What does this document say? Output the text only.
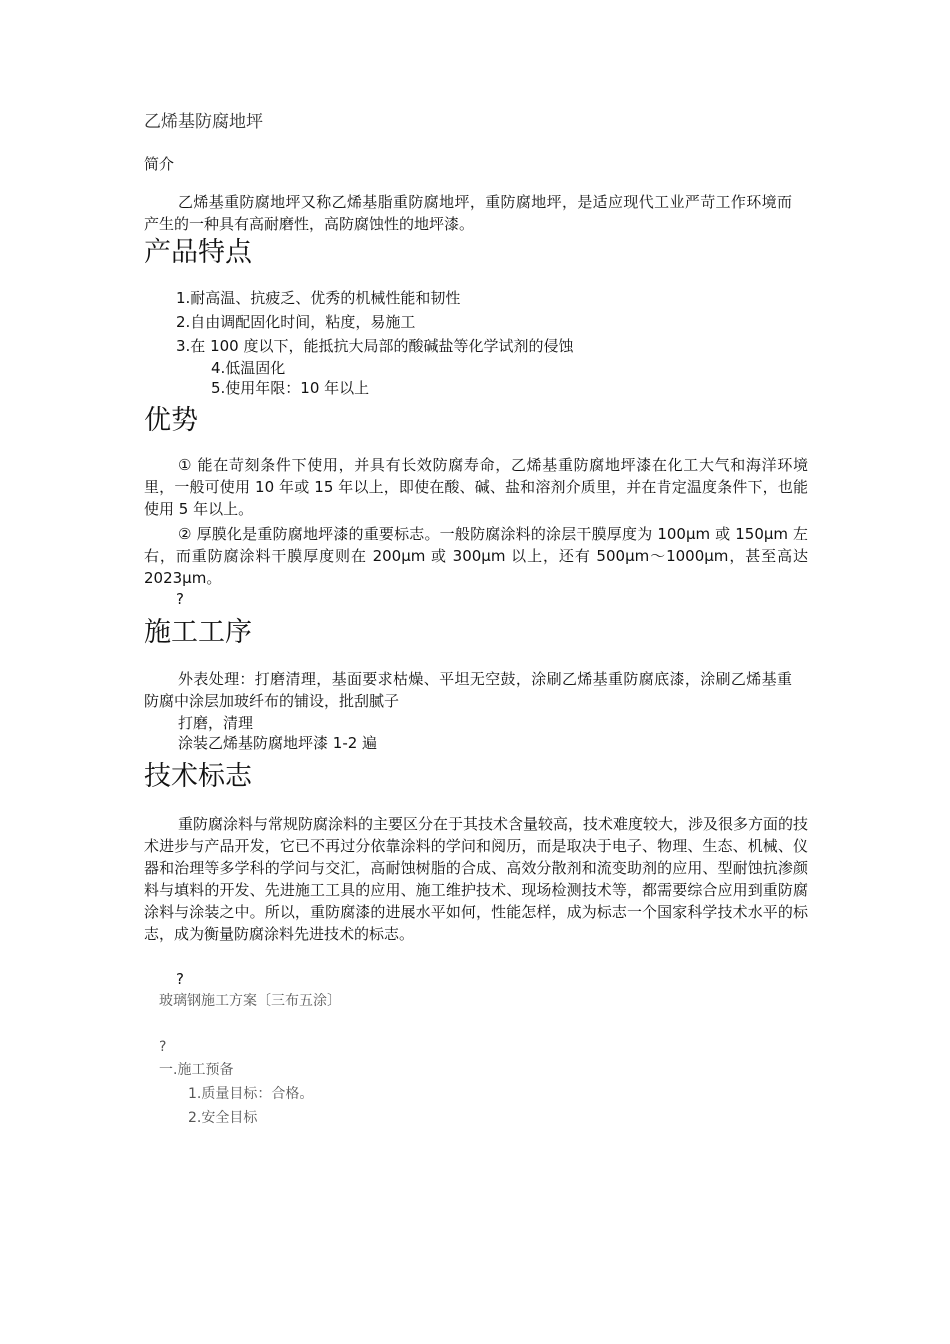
乙烯基防腐地坪
简介
乙烯基重防腐地坪又称乙烯基脂重防腐地坪，重防腐地坪，是适应现代工业严苛工作环境而产生的一种具有高耐磨性，高防腐蚀性的地坪漆。
产品特点
1.耐高温、抗疲乏、优秀的机械性能和韧性
2.自由调配固化时间，粘度，易施工
3.在 100 度以下，能抵抗大局部的酸碱盐等化学试剂的侵蚀
4.低温固化
5.使用年限：10 年以上
优势
① 能在苛刻条件下使用，并具有长效防腐寿命，乙烯基重防腐地坪漆在化工大气和海洋环境里，一般可使用 10 年或 15 年以上，即使在酸、碱、盐和溶剂介质里，并在肯定温度条件下，也能使用 5 年以上。
② 厚膜化是重防腐地坪漆的重要标志。一般防腐涂料的涂层干膜厚度为 100μm 或 150μm 左右，而重防腐涂料干膜厚度则在 200μm 或 300μm 以上，还有 500μm～1000μm，甚至高达 2023μm。
?
施工工序
外表处理：打磨清理，基面要求枯燥、平坦无空鼓，涂刷乙烯基重防腐底漆，涂刷乙烯基重防腐中涂层加玻纤布的铺设，批刮腻子
打磨，清理
涂装乙烯基防腐地坪漆 1-2 遍
技术标志
重防腐涂料与常规防腐涂料的主要区分在于其技术含量较高，技术难度较大，涉及很多方面的技术进步与产品开发，它已不再过分依靠涂料的学问和阅历，而是取决于电子、物理、生态、机械、仪器和治理等多学科的学问与交汇，高耐蚀树脂的合成、高效分散剂和流变助剂的应用、型耐蚀抗渗颜料与填料的开发、先进施工工具的应用、施工维护技术、现场检测技术等，都需要综合应用到重防腐涂料与涂装之中。所以，重防腐漆的进展水平如何，性能怎样，成为标志一个国家科学技术水平的标志，成为衡量防腐涂料先进技术的标志。
?
玻璃钢施工方案〔三布五涂〕
?
一.施工预备
1.质量目标：合格。
2.安全目标
